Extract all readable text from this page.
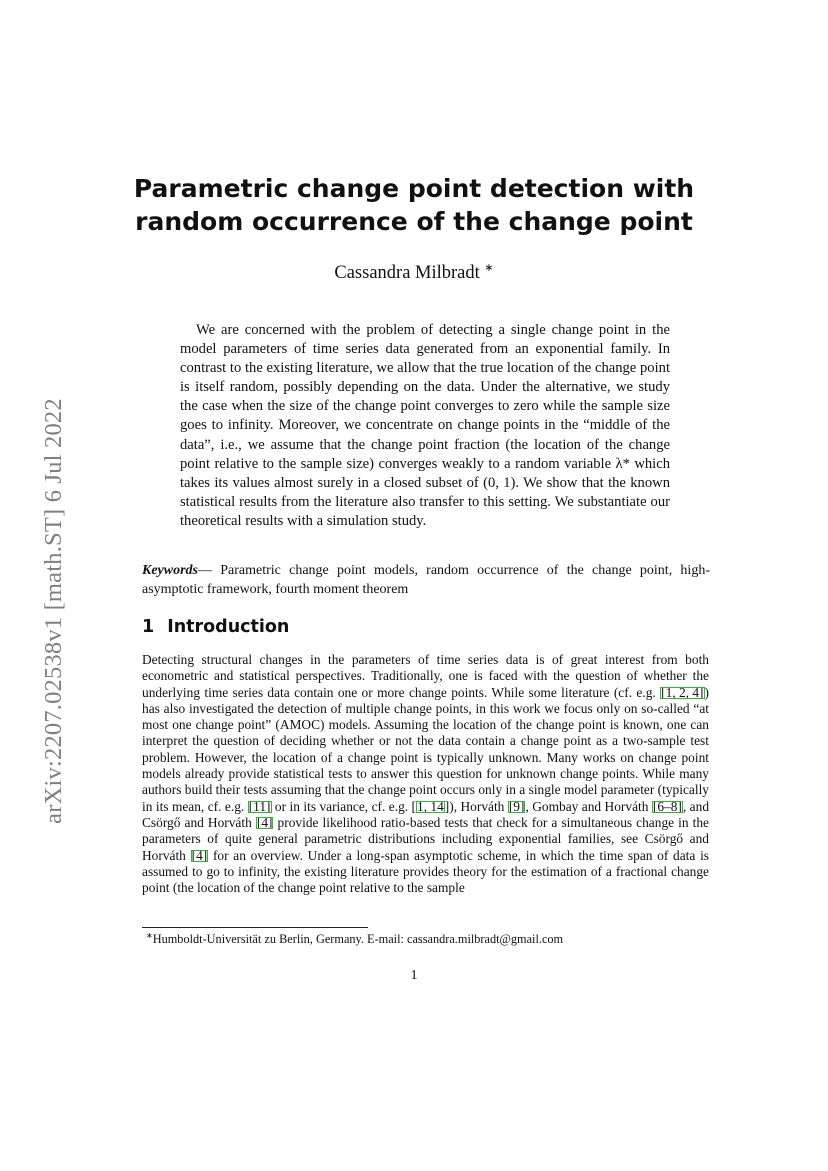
arXiv:2207.02538v1 [math.ST] 6 Jul 2022
Parametric change point detection with
random occurrence of the change point
Cassandra Milbradt ∗
We are concerned with the problem of detecting a single change point in the model parameters of time series data generated from an exponential family. In contrast to the existing literature, we allow that the true location of the change point is itself random, possibly depending on the data. Under the alternative, we study the case when the size of the change point converges to zero while the sample size goes to infinity. Moreover, we concentrate on change points in the “middle of the data”, i.e., we assume that the change point fraction (the location of the change point relative to the sample size) converges weakly to a random variable λ* which takes its values almost surely in a closed subset of (0, 1). We show that the known statistical results from the literature also transfer to this setting. We substantiate our theoretical results with a simulation study.
Keywords— Parametric change point models, random occurrence of the change point, high-asymptotic framework, fourth moment theorem
1 Introduction
Detecting structural changes in the parameters of time series data is of great interest from both econometric and statistical perspectives. Traditionally, one is faced with the question of whether the underlying time series data contain one or more change points. While some literature (cf. e.g. [1, 2, 4]) has also investigated the detection of multiple change points, in this work we focus only on so-called “at most one change point” (AMOC) models. Assuming the location of the change point is known, one can interpret the question of deciding whether or not the data contain a change point as a two-sample test problem. However, the location of a change point is typically unknown. Many works on change point models already provide statistical tests to answer this question for unknown change points. While many authors build their tests assuming that the change point occurs only in a single model parameter (typically in its mean, cf. e.g. [11] or in its variance, cf. e.g. [1, 14]), Horváth [9], Gombay and Horváth [6–8], and Csörgő and Horváth [4] provide likelihood ratio-based tests that check for a simultaneous change in the parameters of quite general parametric distributions including exponential families, see Csörgő and Horváth [4] for an overview. Under a long-span asymptotic scheme, in which the time span of data is assumed to go to infinity, the existing literature provides theory for the estimation of a fractional change point (the location of the change point relative to the sample
∗Humboldt-Universität zu Berlin, Germany. E-mail: cassandra.milbradt@gmail.com
1
